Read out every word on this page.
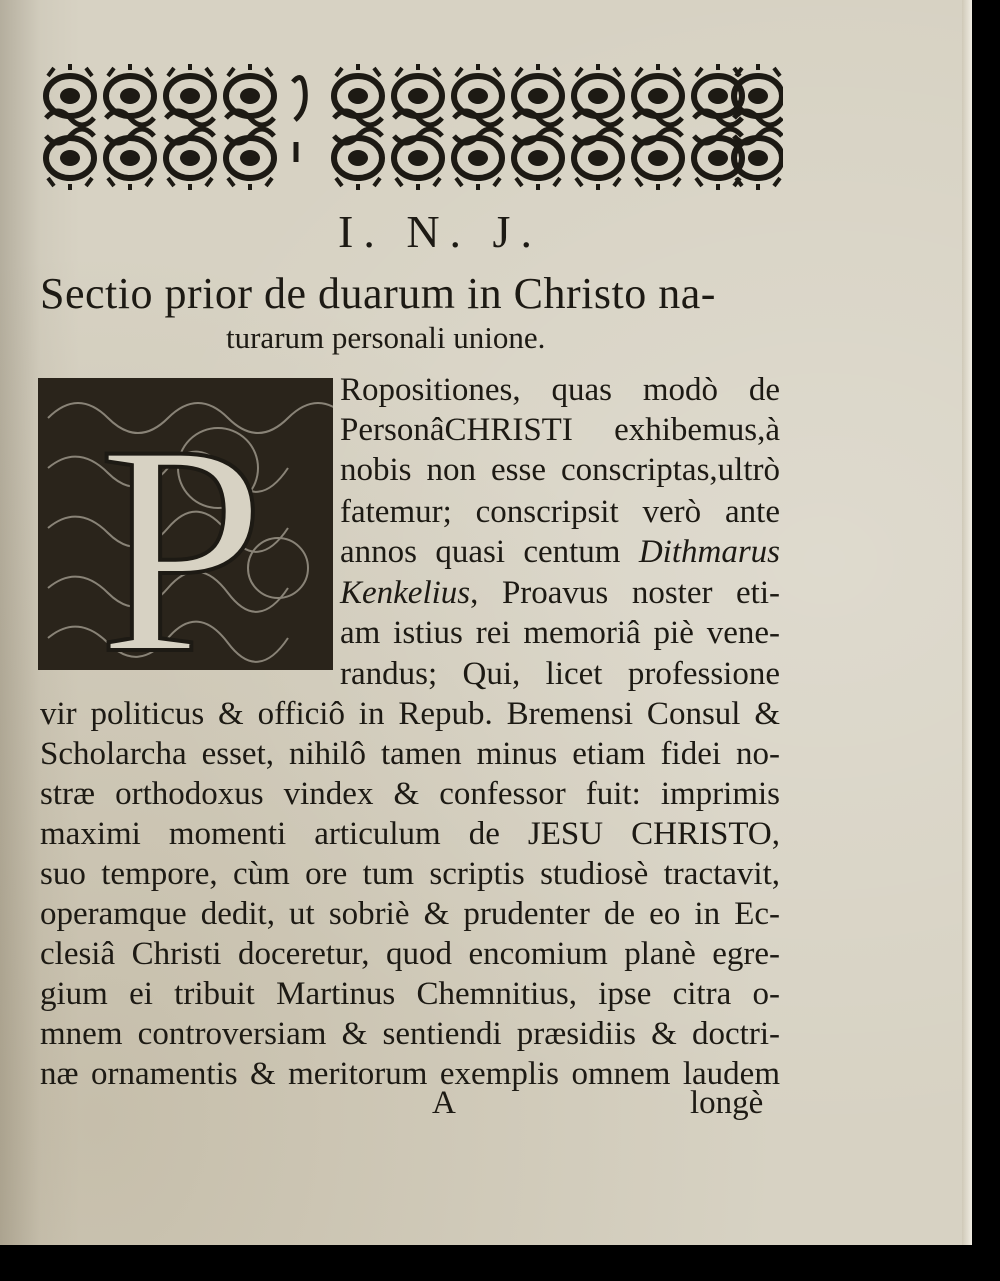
I. N. J.
Sectio prior de duarum in Christo na-
turarum personali unione.
P Ropositiones, quas modò de
PersonâCHRISTI exhibemus,à
nobis non esse conscriptas,ultrò
fatemur; conscripsit verò ante
annos quasi centum Dithmarus
Kenkelius, Proavus noster eti-
am istius rei memoriâ piè vene-
randus; Qui, licet professione
vir politicus & officiô in Repub. Bremensi Consul &
Scholarcha esset, nihilô tamen minus etiam fidei no-
stræ orthodoxus vindex & confessor fuit: imprimis
maximi momenti articulum de JESU CHRISTO,
suo tempore, cùm ore tum scriptis studiosè tractavit,
operamque dedit, ut sobriè & prudenter de eo in Ec-
clesiâ Christi doceretur, quod encomium planè egre-
gium ei tribuit Martinus Chemnitius, ipse citra o-
mnem controversiam & sentiendi præsidiis & doctri-
næ ornamentis & meritorum exemplis omnem laudem
A	longè
